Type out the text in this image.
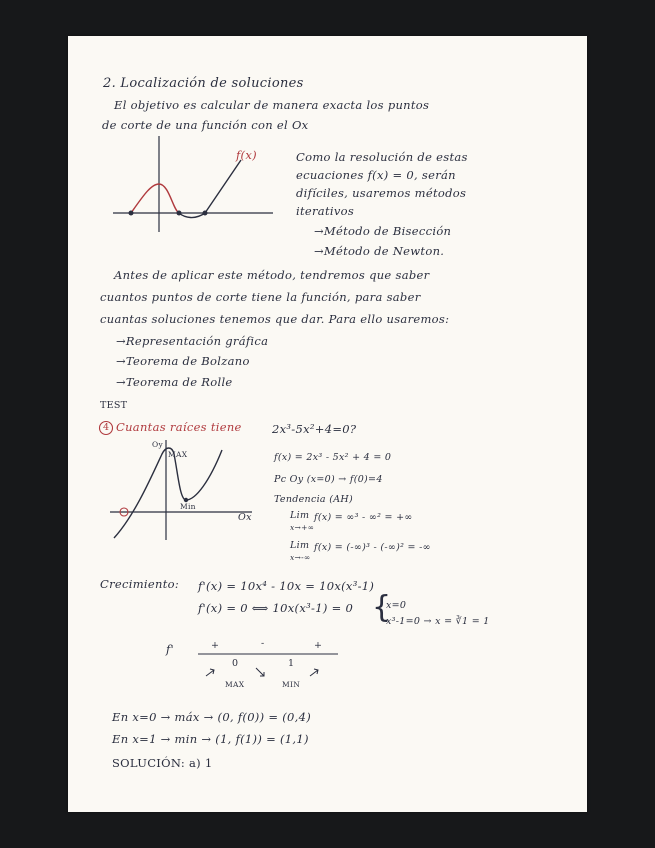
2. Localización de soluciones

El objetivo es calcular de manera exacta los puntos

de corte de una función con el Ox

f(x)	Como la resolución de estas

ecuaciones f(x) = 0, serán

difíciles, usaremos métodos

iterativos

→Método de Bisección

→Método de Newton.

Antes de aplicar este método, tendremos que saber

cuantos puntos de corte tiene la función, para saber

cuantas soluciones tenemos que dar. Para ello usaremos:

→Representación gráfica

→Teorema de Bolzano

→Teorema de Rolle

TEST

4 Cuantas raíces tiene	2x³-5x²+4=0?

Oy

MAX

Min

Ox

f(x) = 2x³ - 5x² + 4 = 0

Pc Oy (x=0) → f(0)=4

Tendencia (AH)

Lim

x→+∞

f(x) = ∞³ - ∞² = +∞

Lim

x→-∞

f(x) = (-∞)³ - (-∞)² = -∞

Crecimiento: f'(x) = 10x⁴ - 10x = 10x(x³-1)

f'(x) = 0 ⟺ 10x(x³-1) = 0 {

x=0

x³-1=0 → x = ∛1 = 1

f'	+	-	+

0	1

MAX	MIN

En x=0 → máx → (0, f(0)) = (0,4)

En x=1 → min → (1, f(1)) = (1,1)

SOLUCIÓN: a) 1
